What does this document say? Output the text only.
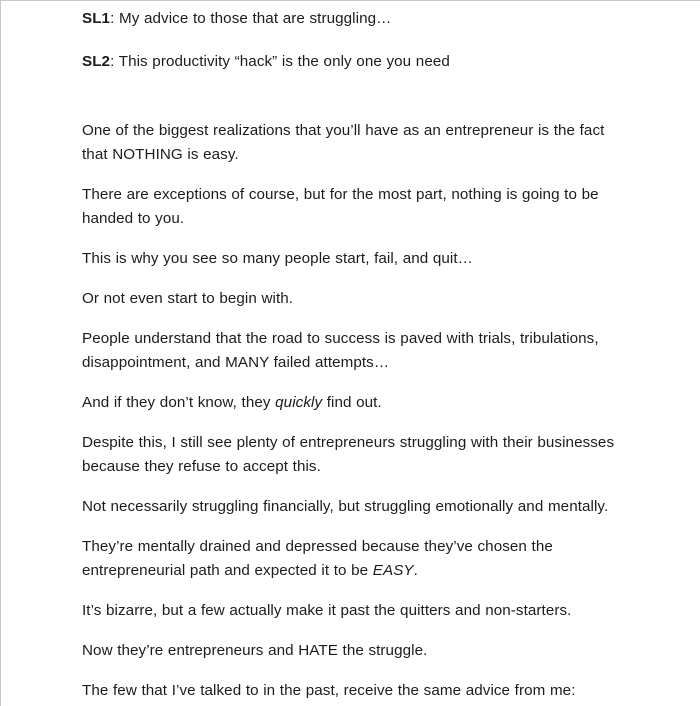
SL1: My advice to those that are struggling…

SL2: This productivity “hack” is the only one you need

One of the biggest realizations that you’ll have as an entrepreneur is the fact that NOTHING is easy.

There are exceptions of course, but for the most part, nothing is going to be handed to you.

This is why you see so many people start, fail, and quit…

Or not even start to begin with.

People understand that the road to success is paved with trials, tribulations, disappointment, and MANY failed attempts…

And if they don’t know, they quickly find out.

Despite this, I still see plenty of entrepreneurs struggling with their businesses because they refuse to accept this.

Not necessarily struggling financially, but struggling emotionally and mentally.

They’re mentally drained and depressed because they’ve chosen the entrepreneurial path and expected it to be EASY.

It’s bizarre, but a few actually make it past the quitters and non-starters.

Now they’re entrepreneurs and HATE the struggle.

The few that I’ve talked to in the past, receive the same advice from me:
